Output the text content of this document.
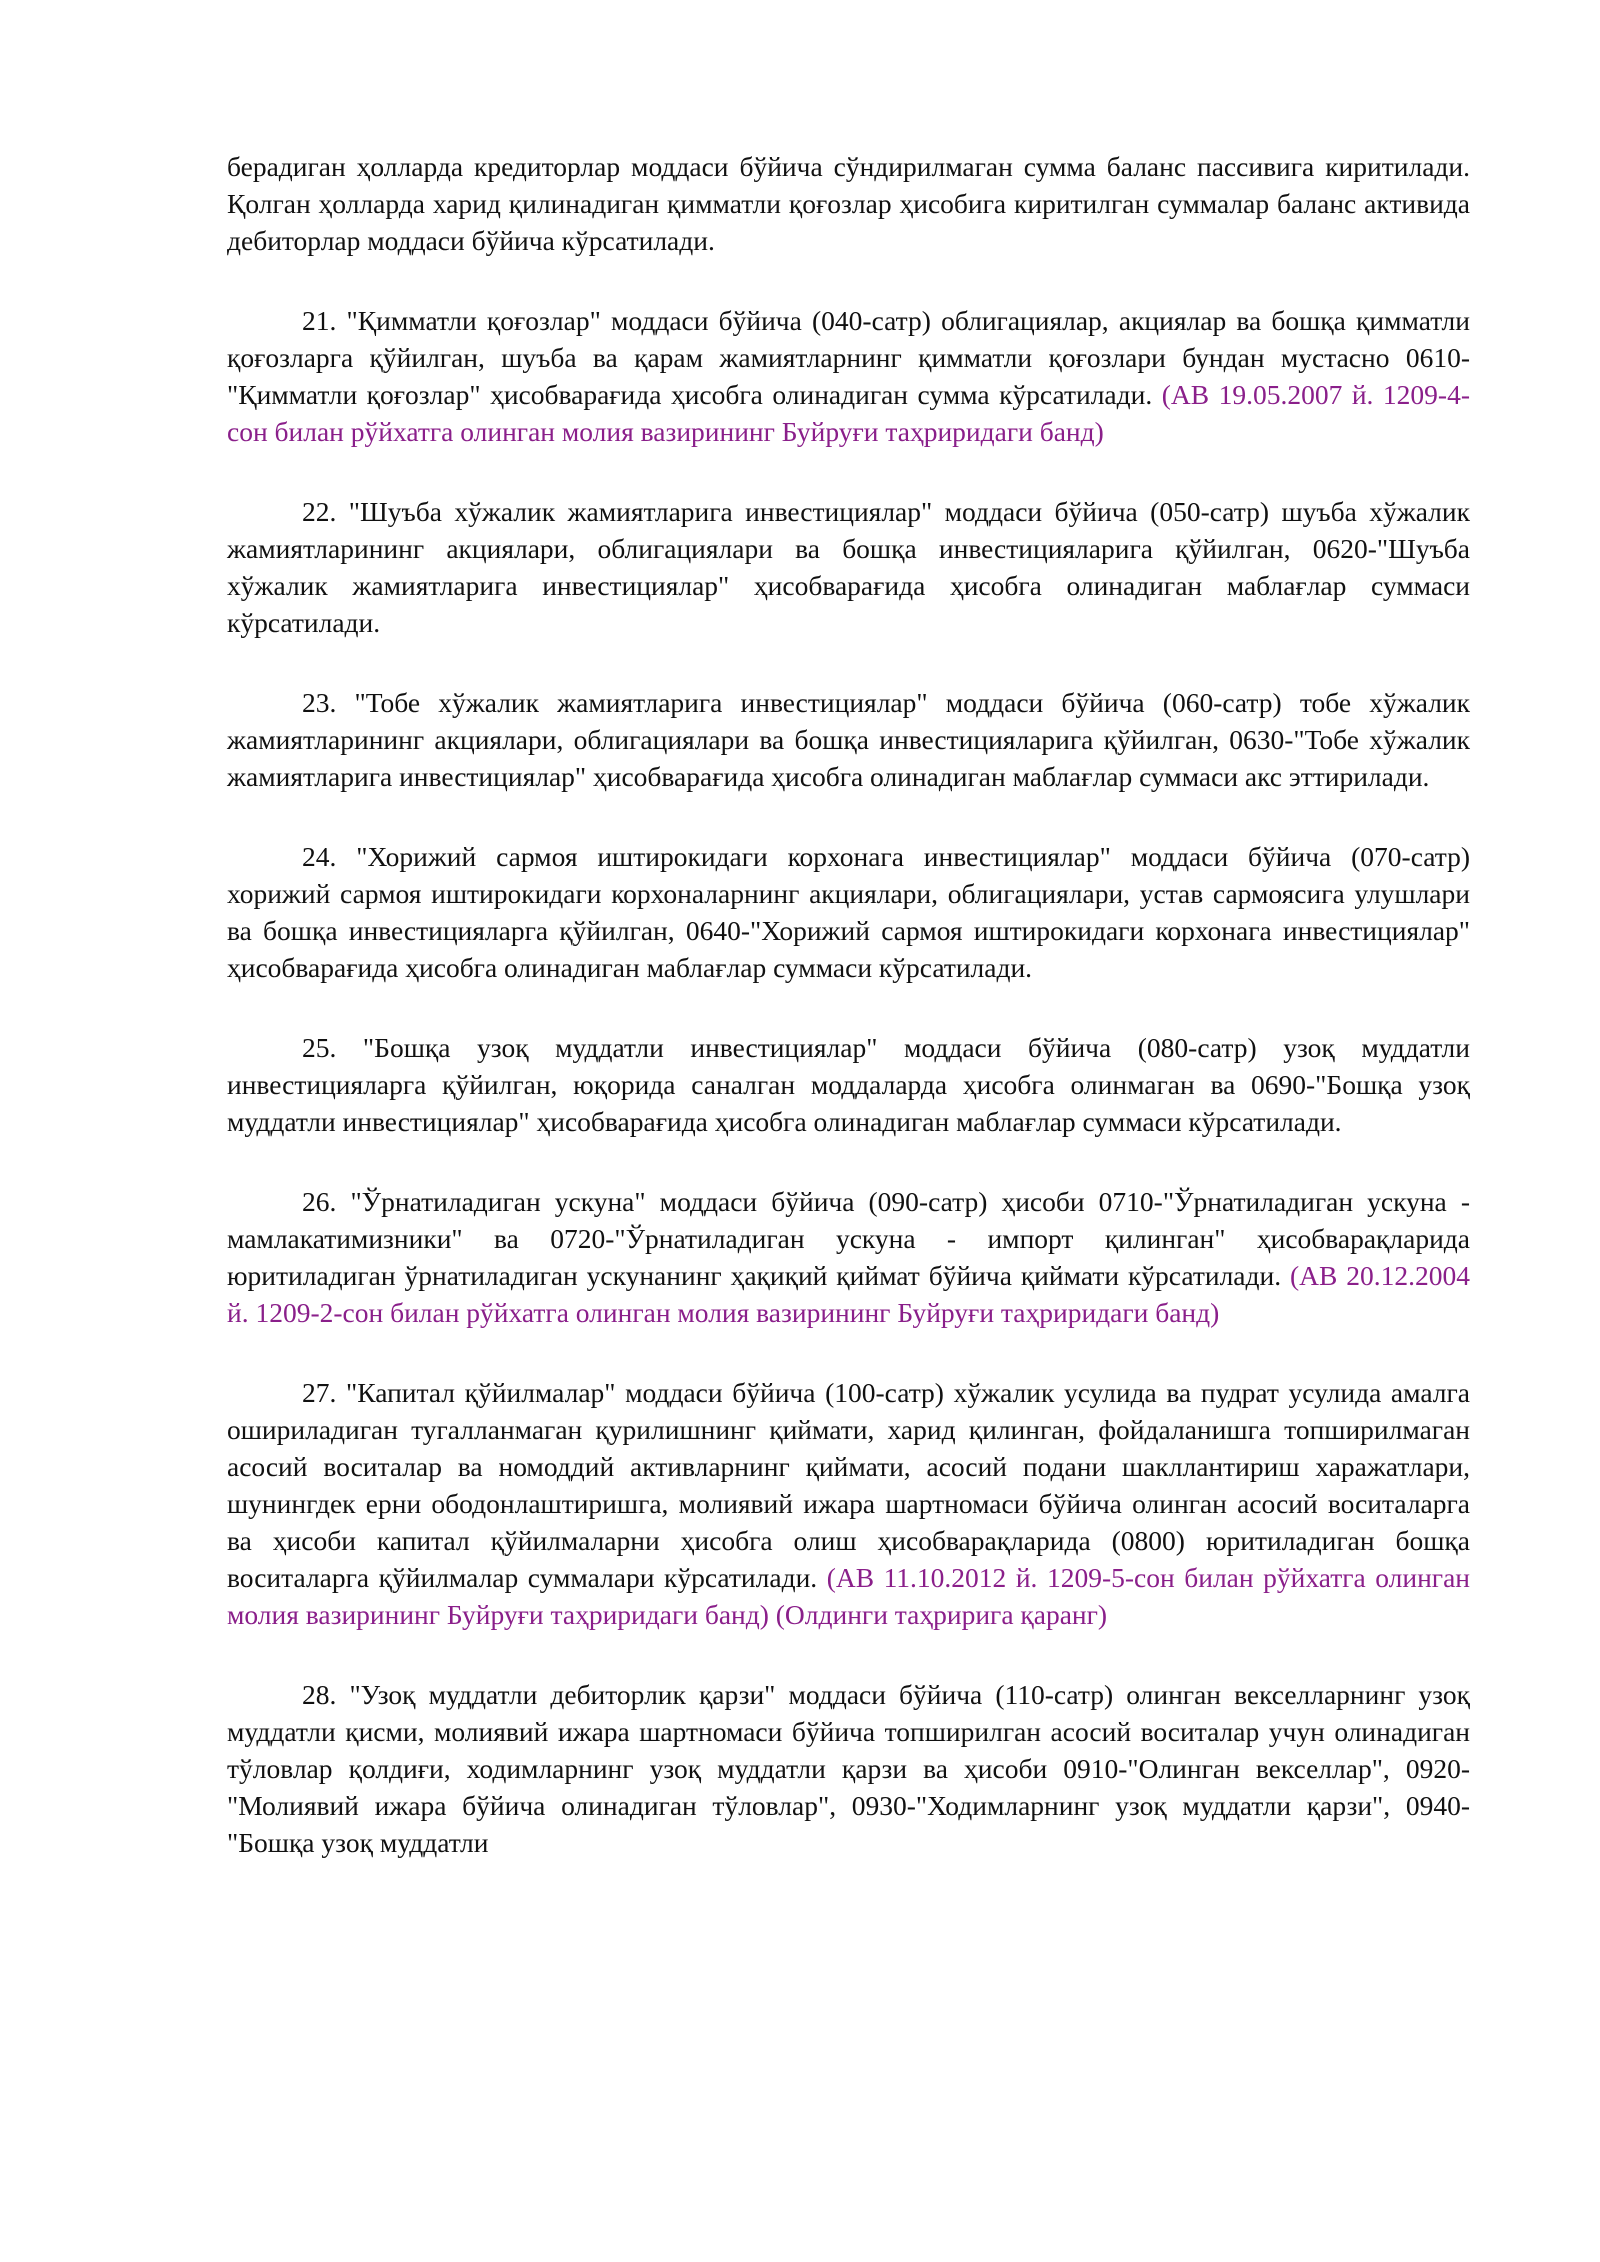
берадиган ҳолларда кредиторлар моддаси бўйича сўндирилмаган сумма баланс пассивига киритилади. Қолган ҳолларда харид қилинадиган қимматли қоғозлар ҳисобига киритилган суммалар баланс активида дебиторлар моддаси бўйича кўрсатилади.

21. "Қимматли қоғозлар" моддаси бўйича (040-сатр) облигациялар, акциялар ва бошқа қимматли қоғозларга қўйилган, шуъба ва қарам жамиятларнинг қимматли қоғозлари бундан мустасно 0610-"Қимматли қоғозлар" ҳисобварағида ҳисобга олинадиган сумма кўрсатилади. (АВ 19.05.2007 й. 1209-4-сон билан рўйхатга олинган молия вазирининг Буйруғи таҳриридаги банд)

22. "Шуъба хўжалик жамиятларига инвестициялар" моддаси бўйича (050-сатр) шуъба хўжалик жамиятларининг акциялари, облигациялари ва бошқа инвестицияларига қўйилган, 0620-"Шуъба хўжалик жамиятларига инвестициялар" ҳисобварағида ҳисобга олинадиган маблағлар суммаси кўрсатилади.

23. "Тобе хўжалик жамиятларига инвестициялар" моддаси бўйича (060-сатр) тобе хўжалик жамиятларининг акциялари, облигациялари ва бошқа инвестицияларига қўйилган, 0630-"Тобе хўжалик жамиятларига инвестициялар" ҳисобварағида ҳисобга олинадиган маблағлар суммаси акс эттирилади.

24. "Хорижий сармоя иштирокидаги корхонага инвестициялар" моддаси бўйича (070-сатр) хорижий сармоя иштирокидаги корхоналарнинг акциялари, облигациялари, устав сармоясига улушлари ва бошқа инвестицияларга қўйилган, 0640-"Хорижий сармоя иштирокидаги корхонага инвестициялар" ҳисобварағида ҳисобга олинадиган маблағлар суммаси кўрсатилади.

25. "Бошқа узоқ муддатли инвестициялар" моддаси бўйича (080-сатр) узоқ муддатли инвестицияларга қўйилган, юқорида саналган моддаларда ҳисобга олинмаган ва 0690-"Бошқа узоқ муддатли инвестициялар" ҳисобварағида ҳисобга олинадиган маблағлар суммаси кўрсатилади.

26. "Ўрнатиладиган ускуна" моддаси бўйича (090-сатр) ҳисоби 0710-"Ўрнатиладиган ускуна - мамлакатимизники" ва 0720-"Ўрнатиладиган ускуна - импорт қилинган" ҳисобварақларида юритиладиган ўрнатиладиган ускунанинг ҳақиқий қиймат бўйича қиймати кўрсатилади. (АВ 20.12.2004 й. 1209-2-сон билан рўйхатга олинган молия вазирининг Буйруғи таҳриридаги банд)

27. "Капитал қўйилмалар" моддаси бўйича (100-сатр) хўжалик усулида ва пудрат усулида амалга ошириладиган тугалланмаган қурилишнинг қиймати, харид қилинган, фойдаланишга топширилмаган асосий воситалар ва номоддий активларнинг қиймати, асосий подани шакллантириш харажатлари, шунингдек ерни ободонлаштиришга, молиявий ижара шартномаси бўйича олинган асосий воситаларга ва ҳисоби капитал қўйилмаларни ҳисобга олиш ҳисобварақларида (0800) юритиладиган бошқа воситаларга қўйилмалар суммалари кўрсатилади. (АВ 11.10.2012 й. 1209-5-сон билан рўйхатга олинган молия вазирининг Буйруғи таҳриридаги банд) (Олдинги таҳририга қаранг)

28. "Узоқ муддатли дебиторлик қарзи" моддаси бўйича (110-сатр) олинган векселларнинг узоқ муддатли қисми, молиявий ижара шартномаси бўйича топширилган асосий воситалар учун олинадиган тўловлар қолдиғи, ходимларнинг узоқ муддатли қарзи ва ҳисоби 0910-"Олинган векселлар", 0920-"Молиявий ижара бўйича олинадиган тўловлар", 0930-"Ходимларнинг узоқ муддатли қарзи", 0940-"Бошқа узоқ муддатли
